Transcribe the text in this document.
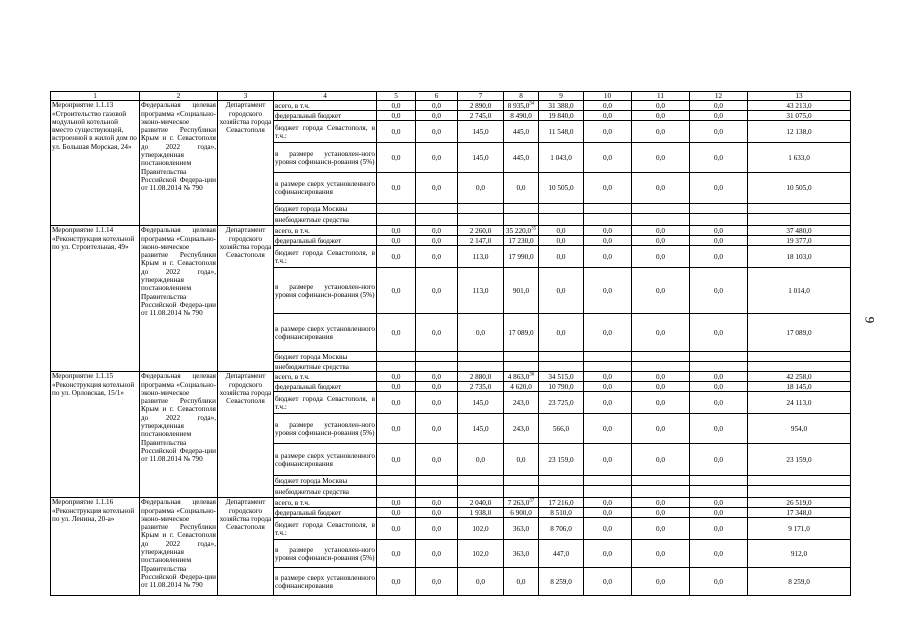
1	2	3	4	5	6	7	8	9	10	11	12	13
Мероприятие 1.1.13 «Строительство газовой модульной котельной вместо существующей, встроенной в жилой дом по ул. Большая Морская, 24»	Федеральная целевая программа «Социально-эконо-мическое развитие Республики Крым и г. Севастополя до 2022 года», утвержденная постановлением Правительства Российской Федера-ции от 11.08.2014 № 790	Департамент городского хозяйства города Севастополя	всего, в т.ч.	0,0	0,0	2 890,0	8 935,0$^{34}$	31 388,0	0,0	0,0	0,0	43 213,0
			федеральный бюджет	0,0	0,0	2 745,0	8 490,0	19 840,0	0,0	0,0	0,0	31 075,0
			бюджет города Севастополя, в т.ч.:	0,0	0,0	145,0	445,0	11 548,0	0,0	0,0	0,0	12 138,0
			в размере установлен-ного уровня софинанси-рования (5%)	0,0	0,0	145,0	445,0	1 043,0	0,0	0,0	0,0	1 633,0
			в размере сверх установленного софинансирования	0,0	0,0	0,0	0,0	10 505,0	0,0	0,0	0,0	10 505,0
			бюджет города Москвы									
			внебюджетные средства									
Мероприятие 1.1.14 «Реконструкция котельной по ул. Строительная, 49»	Федеральная целевая программа «Социально-эконо-мическое развитие Республики Крым и г. Севастополя до 2022 года», утвержденная постановлением Правительства Российской Федера-ции от 11.08.2014 № 790	Департамент городского хозяйства города Севастополя	всего, в т.ч.	0,0	0,0	2 260,0	35 220,0$^{35}$	0,0	0,0	0,0	0,0	37 480,0
			федеральный бюджет	0,0	0,0	2 147,0	17 230,0	0,0	0,0	0,0	0,0	19 377,0
			бюджет города Севастополя, в т.ч.:	0,0	0,0	113,0	17 990,0	0,0	0,0	0,0	0,0	18 103,0
			в размере установлен-ного уровня софинанси-рования (5%)	0,0	0,0	113,0	901,0	0,0	0,0	0,0	0,0	1 014,0
			в размере сверх установленного софинансирования	0,0	0,0	0,0	17 089,0	0,0	0,0	0,0	0,0	17 089,0
			бюджет города Москвы									
			внебюджетные средства									
Мероприятие 1.1.15 «Реконструкция котельной по ул. Орловская, 15/1»	Федеральная целевая программа «Социально-эконо-мическое развитие Республики Крым и г. Севастополя до 2022 года», утвержденная постановлением Правительства Российской Федера-ции от 11.08.2014 № 790	Департамент городского хозяйства города Севастополя	всего, в т.ч.	0,0	0,0	2 880,0	4 863,0$^{36}$	34 515,0	0,0	0,0	0,0	42 258,0
			федеральный бюджет	0,0	0,0	2 735,0	4 620,0	10 790,0	0,0	0,0	0,0	18 145,0
			бюджет города Севастополя, в т.ч.:	0,0	0,0	145,0	243,0	23 725,0	0,0	0,0	0,0	24 113,0
			в размере установлен-ного уровня софинанси-рования (5%)	0,0	0,0	145,0	243,0	566,0	0,0	0,0	0,0	954,0
			в размере сверх установленного софинансирования	0,0	0,0	0,0	0,0	23 159,0	0,0	0,0	0,0	23 159,0
			бюджет города Москвы									
			внебюджетные средства									
Мероприятие 1.1.16 «Реконструкция котельной по ул. Ленина, 20-а»	Федеральная целевая программа «Социально-эконо-мическое развитие Республики Крым и г. Севастополя до 2022 года», утвержденная постановлением Правительства Российской Федера-ции от 11.08.2014 № 790	Департамент городского хозяйства города Севастополя	всего, в т.ч.	0,0	0,0	2 040,0	7 263,0$^{37}$	17 216,0	0,0	0,0	0,0	26 519,0
			федеральный бюджет	0,0	0,0	1 938,0	6 900,0	8 510,0	0,0	0,0	0,0	17 348,0
			бюджет города Севастополя, в т.ч.:	0,0	0,0	102,0	363,0	8 706,0	0,0	0,0	0,0	9 171,0
			в размере установлен-ного уровня софинанси-рования (5%)	0,0	0,0	102,0	363,0	447,0	0,0	0,0	0,0	912,0
			в размере сверх установленного софинансирования	0,0	0,0	0,0	0,0	8 259,0	0,0	0,0	0,0	8 259,0
9
